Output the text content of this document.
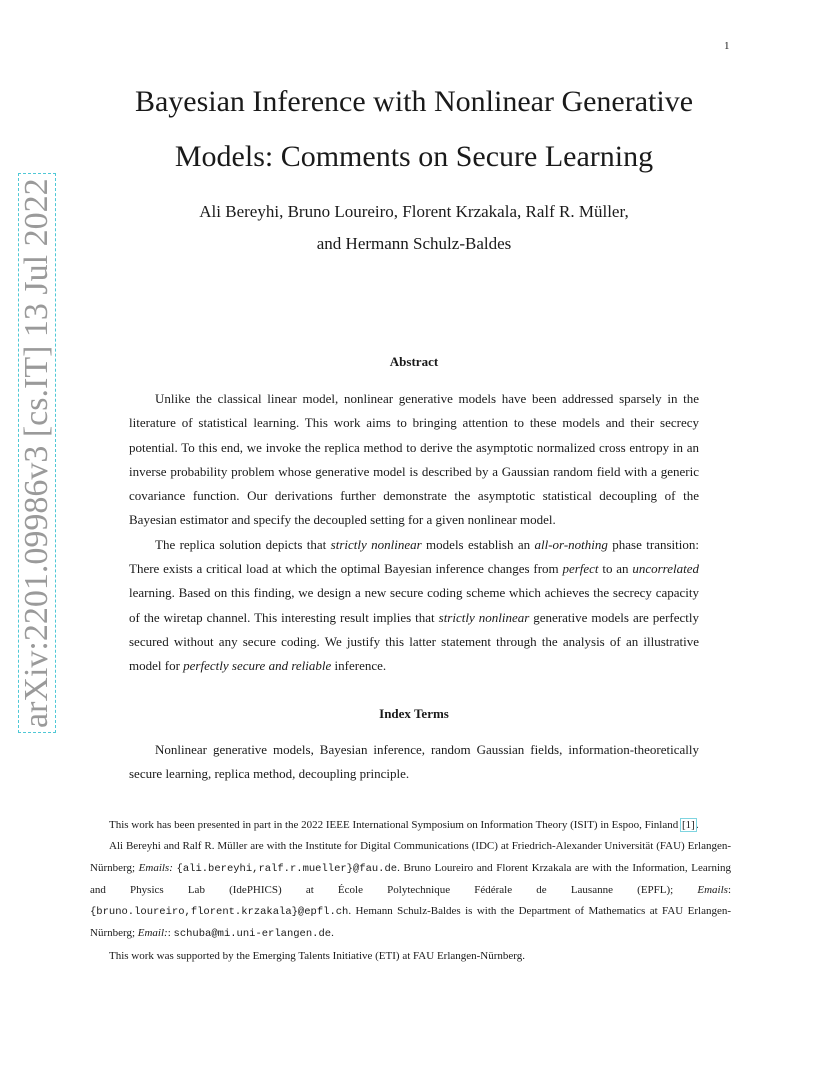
1
arXiv:2201.09986v3 [cs.IT] 13 Jul 2022
Bayesian Inference with Nonlinear Generative
Models: Comments on Secure Learning
Ali Bereyhi, Bruno Loureiro, Florent Krzakala, Ralf R. Müller,
and Hermann Schulz-Baldes
Abstract

Unlike the classical linear model, nonlinear generative models have been addressed sparsely in the literature of statistical learning. This work aims to bringing attention to these models and their secrecy potential. To this end, we invoke the replica method to derive the asymptotic normalized cross entropy in an inverse probability problem whose generative model is described by a Gaussian random field with a generic covariance function. Our derivations further demonstrate the asymptotic statistical decoupling of the Bayesian estimator and specify the decoupled setting for a given nonlinear model.

The replica solution depicts that strictly nonlinear models establish an all-or-nothing phase transition: There exists a critical load at which the optimal Bayesian inference changes from perfect to an uncorrelated learning. Based on this finding, we design a new secure coding scheme which achieves the secrecy capacity of the wiretap channel. This interesting result implies that strictly nonlinear generative models are perfectly secured without any secure coding. We justify this latter statement through the analysis of an illustrative model for perfectly secure and reliable inference.

Index Terms

Nonlinear generative models, Bayesian inference, random Gaussian fields, information-theoretically secure learning, replica method, decoupling principle.

This work has been presented in part in the 2022 IEEE International Symposium on Information Theory (ISIT) in Espoo, Finland [1].

Ali Bereyhi and Ralf R. Müller are with the Institute for Digital Communications (IDC) at Friedrich-Alexander Universität (FAU) Erlangen-Nürnberg; Emails: {ali.bereyhi,ralf.r.mueller}@fau.de. Bruno Loureiro and Florent Krzakala are with the Information, Learning and Physics Lab (IdePHICS) at École Polytechnique Fédérale de Lausanne (EPFL); Emails: {bruno.loureiro,florent.krzakala}@epfl.ch. Hemann Schulz-Baldes is with the Department of Mathematics at FAU Erlangen-Nürnberg; Email:: schuba@mi.uni-erlangen.de.

This work was supported by the Emerging Talents Initiative (ETI) at FAU Erlangen-Nürnberg.
